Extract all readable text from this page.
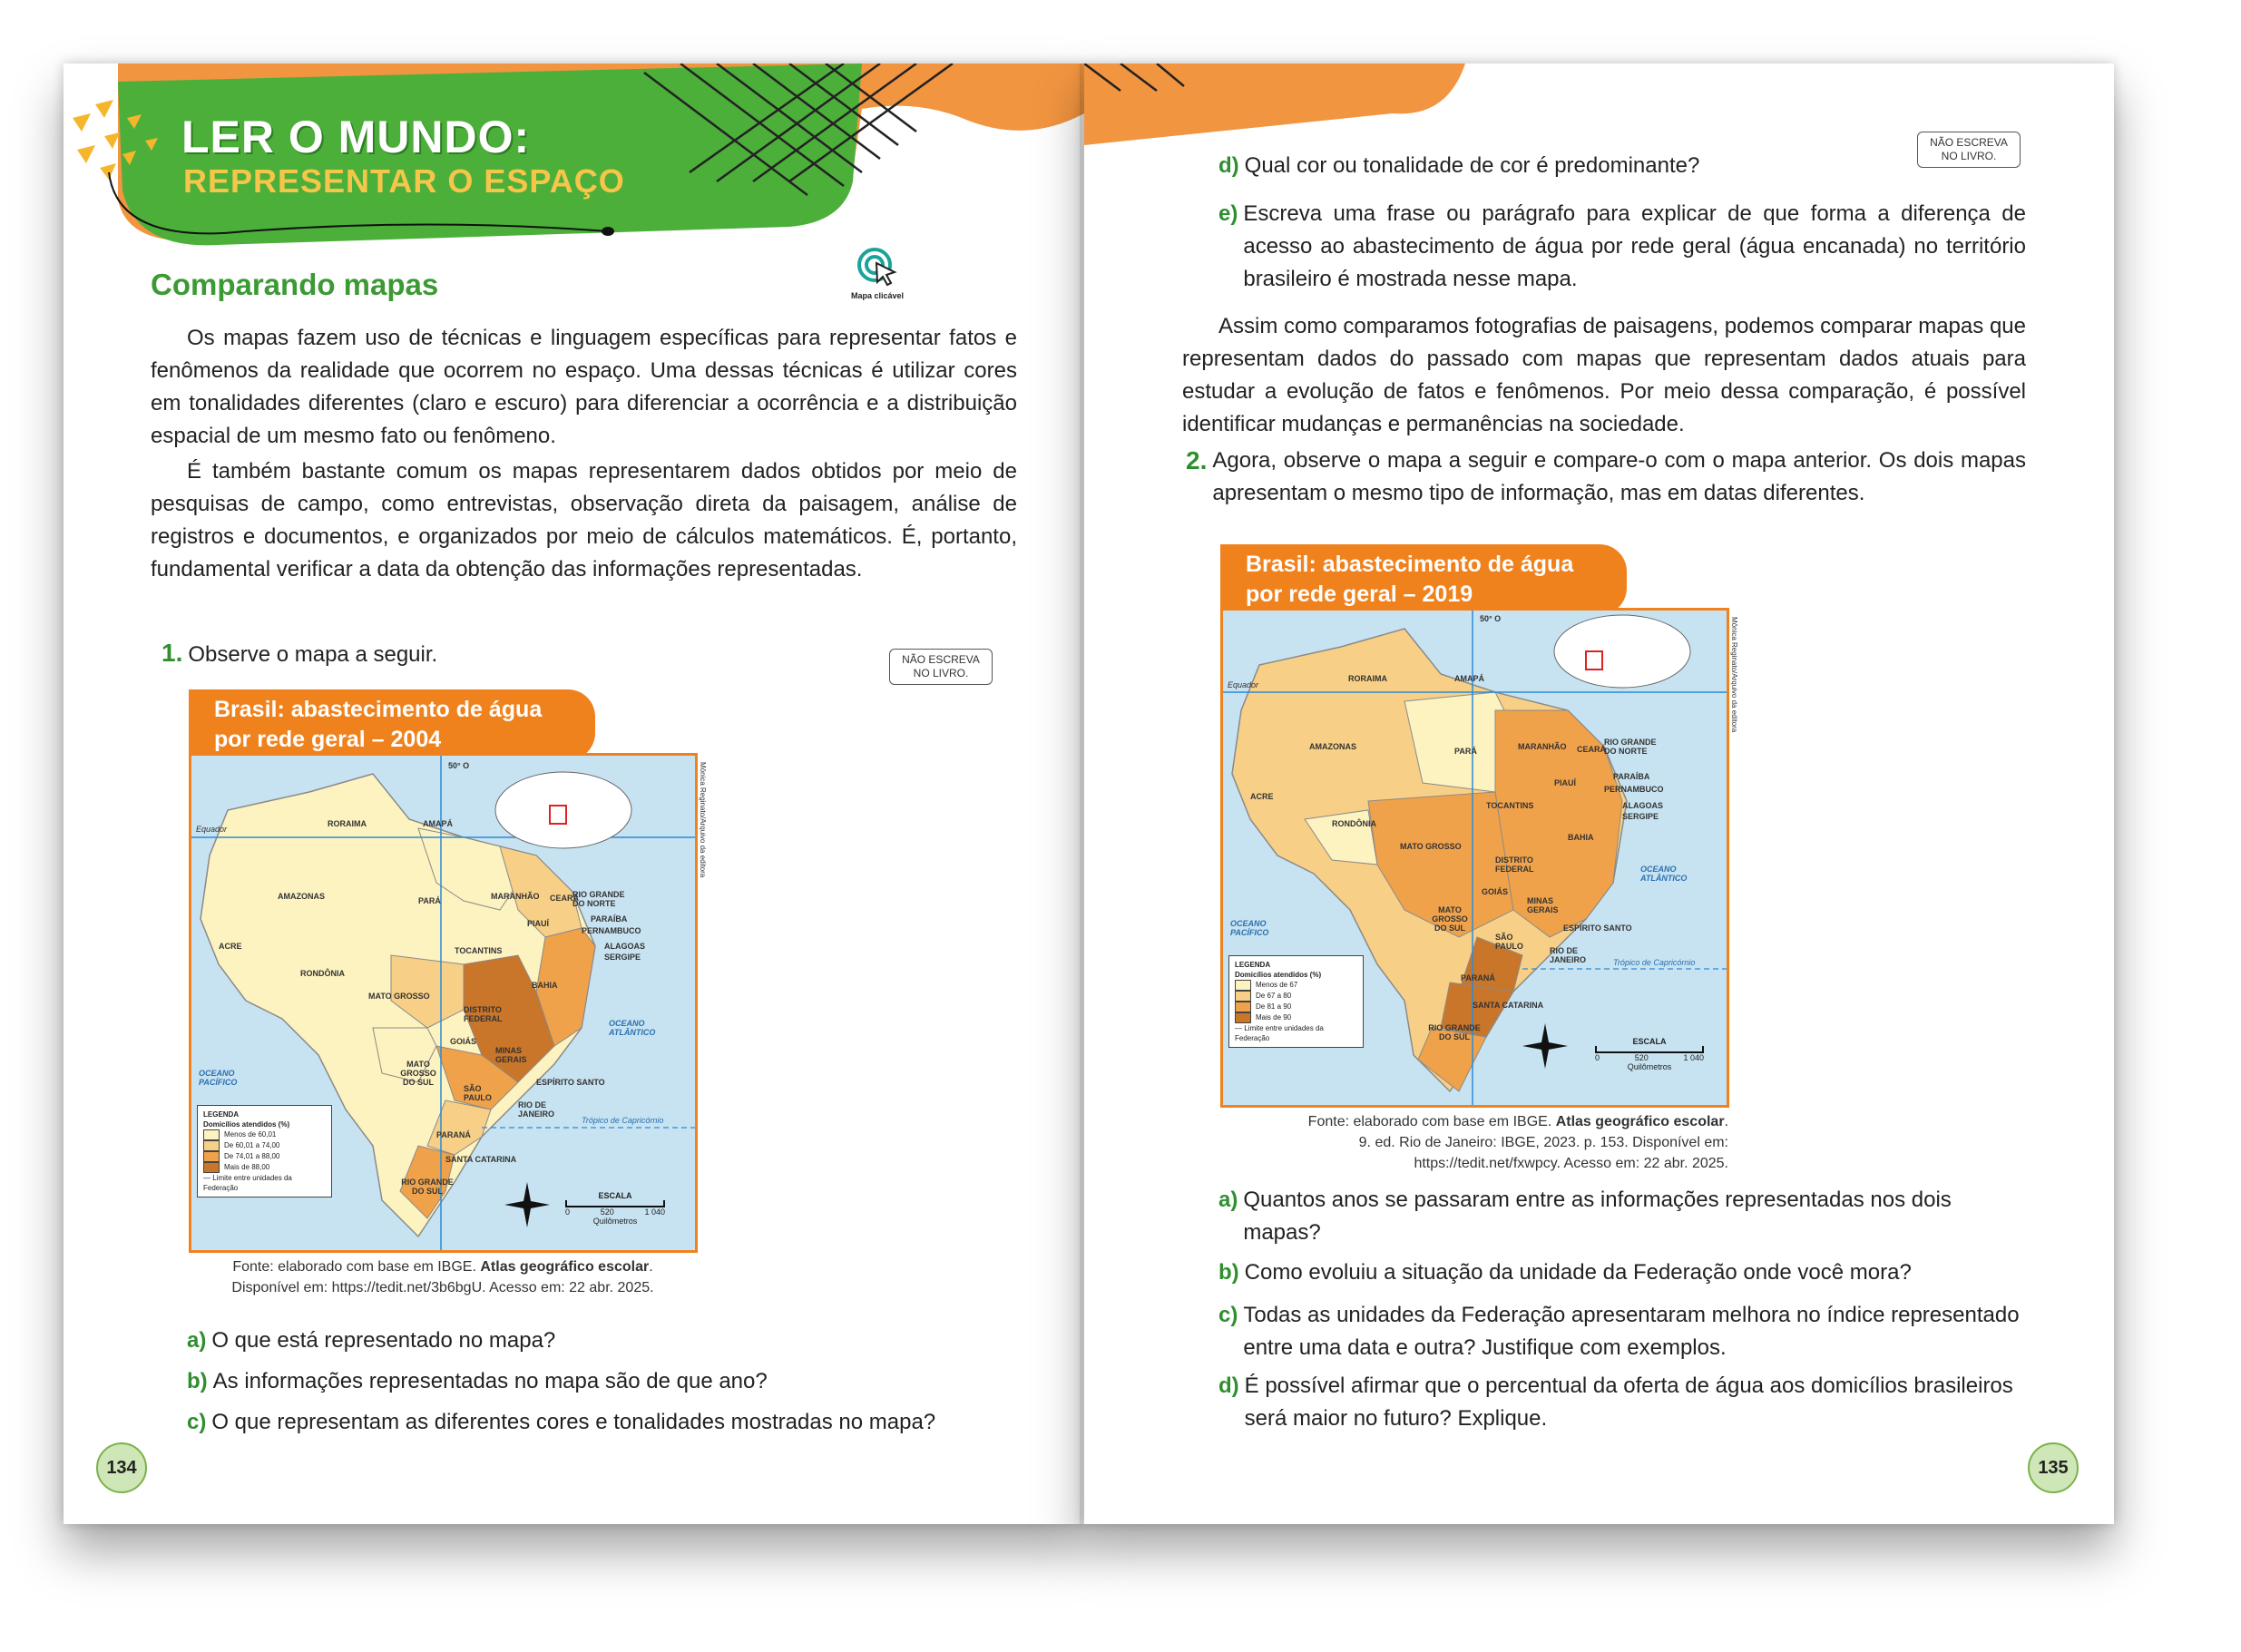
LER O MUNDO:
REPRESENTAR O ESPAÇO
Comparando mapas	Mapa clicável
Os mapas fazem uso de técnicas e linguagem específicas para representar fatos e fenômenos da realidade que ocorrem no espaço. Uma dessas técnicas é utilizar cores em tonalidades diferentes (claro e escuro) para diferenciar a ocorrência e a distribuição espacial de um mesmo fato ou fenômeno.
É também bastante comum os mapas representarem dados obtidos por meio de pesquisas de campo, como entrevistas, observação direta da paisagem, análise de registros e documentos, e organizados por meio de cálculos matemáticos. É, portanto, fundamental verificar a data da obtenção das informações representadas.
1. Observe o mapa a seguir.	NÃO ESCREVA
NO LIVRO.
Brasil: abastecimento de água
por rede geral – 2004
50° O
Equador
RORAIMA	AMAPÁ
AMAZONAS	PARÁ	MARANHÃO CEARÁ
RIO GRANDE DO NORTE
PARAÍBA
PERNAMBUCO
ALAGOAS
SERGIPE
PIAUÍ
ACRE
RONDÔNIA
TOCANTINS
BAHIA
MATO GROSSO
DISTRITO FEDERAL
GOIÁS
MINAS GERAIS
MATO GROSSO DO SUL	ESPÍRITO SANTO
SÃO PAULO
RIO DE JANEIRO
PARANÁ
SANTA CATARINA
RIO GRANDE DO SUL
OCEANO
ATLÂNTICO
OCEANO
PACÍFICO
Trópico de Capricórnio
LEGENDA
Domicílios atendidos (%)
Menos de 60,01
De 60,01 a 74,00
De 74,01 a 88,00
Mais de 88,00
— Limite entre unidades da Federação
ESCALA
0	520	1 040
Quilômetros
Mônica Reginato/Arquivo da editora
Fonte: elaborado com base em IBGE. Atlas geográfico escolar.
Disponível em: https://tedit.net/3b6bgU. Acesso em: 22 abr. 2025.
a) O que está representado no mapa?
b) As informações representadas no mapa são de que ano?
c) O que representam as diferentes cores e tonalidades mostradas no mapa?
134
NÃO ESCREVA
NO LIVRO.
d) Qual cor ou tonalidade de cor é predominante?
e) Escreva uma frase ou parágrafo para explicar de que forma a diferença de acesso ao abastecimento de água por rede geral (água encanada) no território brasileiro é mostrada nesse mapa.
Assim como comparamos fotografias de paisagens, podemos comparar mapas que representam dados do passado com mapas que representam dados atuais para estudar a evolução de fatos e fenômenos. Por meio dessa comparação, é possível identificar mudanças e permanências na sociedade.
2. Agora, observe o mapa a seguir e compare-o com o mapa anterior. Os dois mapas apresentam o mesmo tipo de informação, mas em datas diferentes.
Brasil: abastecimento de água
por rede geral – 2019
50° O
Equador
RORAIMA	AMAPÁ
AMAZONAS	PARÁ	MARANHÃO CEARÁ
RIO GRANDE DO NORTE
PARAÍBA
PERNAMBUCO
ALAGOAS
SERGIPE
PIAUÍ
ACRE
RONDÔNIA
TOCANTINS
BAHIA
MATO GROSSO
DISTRITO FEDERAL
GOIÁS
MINAS GERAIS
MATO GROSSO DO SUL	ESPÍRITO SANTO
SÃO PAULO	RIO DE JANEIRO
PARANÁ
SANTA CATARINA
RIO GRANDE DO SUL
OCEANO
ATLÂNTICO
OCEANO
PACÍFICO
Trópico de Capricórnio
LEGENDA
Domicílios atendidos (%)
Menos de 67
De 67 a 80
De 81 a 90
Mais de 90
— Limite entre unidades da Federação	ESCALA
0	520	1 040
Quilômetros
Mônica Reginato/Arquivo da editora
Fonte: elaborado com base em IBGE. Atlas geográfico escolar.
9. ed. Rio de Janeiro: IBGE, 2023. p. 153. Disponível em:
https://tedit.net/fxwpcy. Acesso em: 22 abr. 2025.
a) Quantos anos se passaram entre as informações representadas nos dois mapas?
b) Como evoluiu a situação da unidade da Federação onde você mora?
c) Todas as unidades da Federação apresentaram melhora no índice representado entre uma data e outra? Justifique com exemplos.
d) É possível afirmar que o percentual da oferta de água aos domicílios brasileiros será maior no futuro? Explique.
135
